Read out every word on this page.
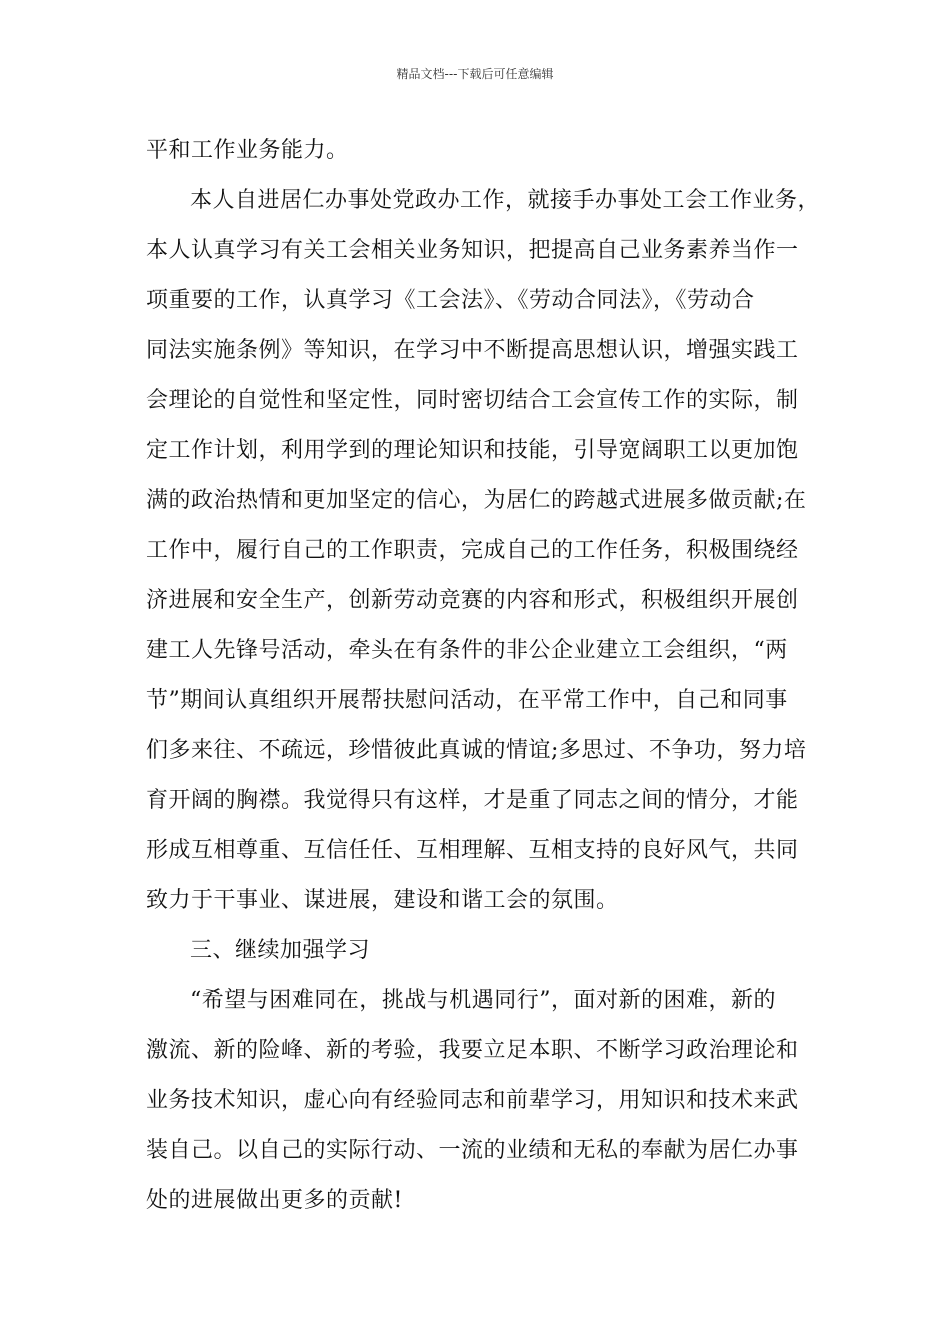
精品文档---下载后可任意编辑
平和工作业务能力。
本人自进居仁办事处党政办工作，就接手办事处工会工作业务，
本人认真学习有关工会相关业务知识，把提高自己业务素养当作一
项重要的工作，认真学习《工会法》、《劳动合同法》，《劳动合
同法实施条例》等知识，在学习中不断提高思想认识，增强实践工
会理论的自觉性和坚定性，同时密切结合工会宣传工作的实际，制
定工作计划，利用学到的理论知识和技能，引导宽阔职工以更加饱
满的政治热情和更加坚定的信心，为居仁的跨越式进展多做贡献;在
工作中，履行自己的工作职责，完成自己的工作任务，积极围绕经
济进展和安全生产，创新劳动竞赛的内容和形式，积极组织开展创
建工人先锋号活动，牵头在有条件的非公企业建立工会组织，“两
节”期间认真组织开展帮扶慰问活动，在平常工作中，自己和同事
们多来往、不疏远，珍惜彼此真诚的情谊;多思过、不争功，努力培
育开阔的胸襟。我觉得只有这样，才是重了同志之间的情分，才能
形成互相尊重、互信任任、互相理解、互相支持的良好风气，共同
致力于干事业、谋进展，建设和谐工会的氛围。
三、继续加强学习
“希望与困难同在，挑战与机遇同行”，面对新的困难，新的
激流、新的险峰、新的考验，我要立足本职、不断学习政治理论和
业务技术知识，虚心向有经验同志和前辈学习，用知识和技术来武
装自己。以自己的实际行动、一流的业绩和无私的奉献为居仁办事
处的进展做出更多的贡献!
